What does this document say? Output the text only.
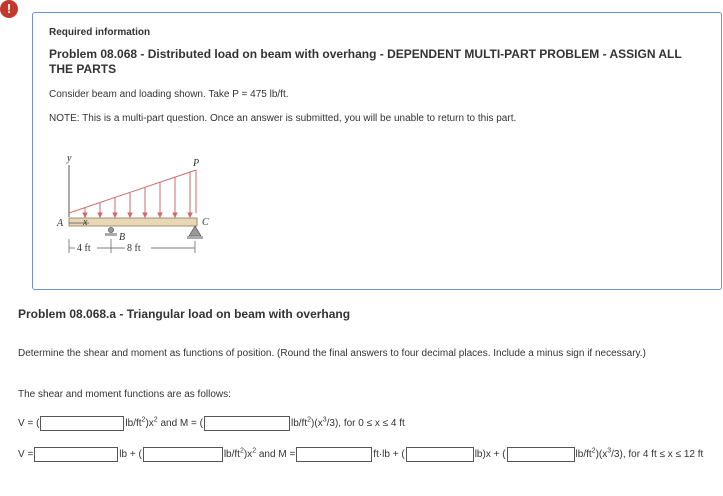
!
Required information
Problem 08.068 - Distributed load on beam with overhang - DEPENDENT MULTI-PART PROBLEM - ASSIGN ALL THE PARTS
Consider beam and loading shown. Take P = 475 lb/ft.
NOTE: This is a multi-part question. Once an answer is submitted, you will be unable to return to this part.
y	P
A x
B
C
4 ft	8 ft
Problem 08.068.a - Triangular load on beam with overhang
Determine the shear and moment as functions of position. (Round the final answers to four decimal places. Include a minus sign if necessary.)
The shear and moment functions are as follows:
V = (	$lb/ft^2)x^2$ and M = (	$lb/ft^2)(x^3/3)$, for 0 ≤ x ≤ 4 ft
V =	lb + (	$lb/ft^2)x^2$ and M =	ft·lb + (	lb)x + (	$lb/ft^2)(x^3/3)$, for 4 ft ≤ x ≤ 12 ft
